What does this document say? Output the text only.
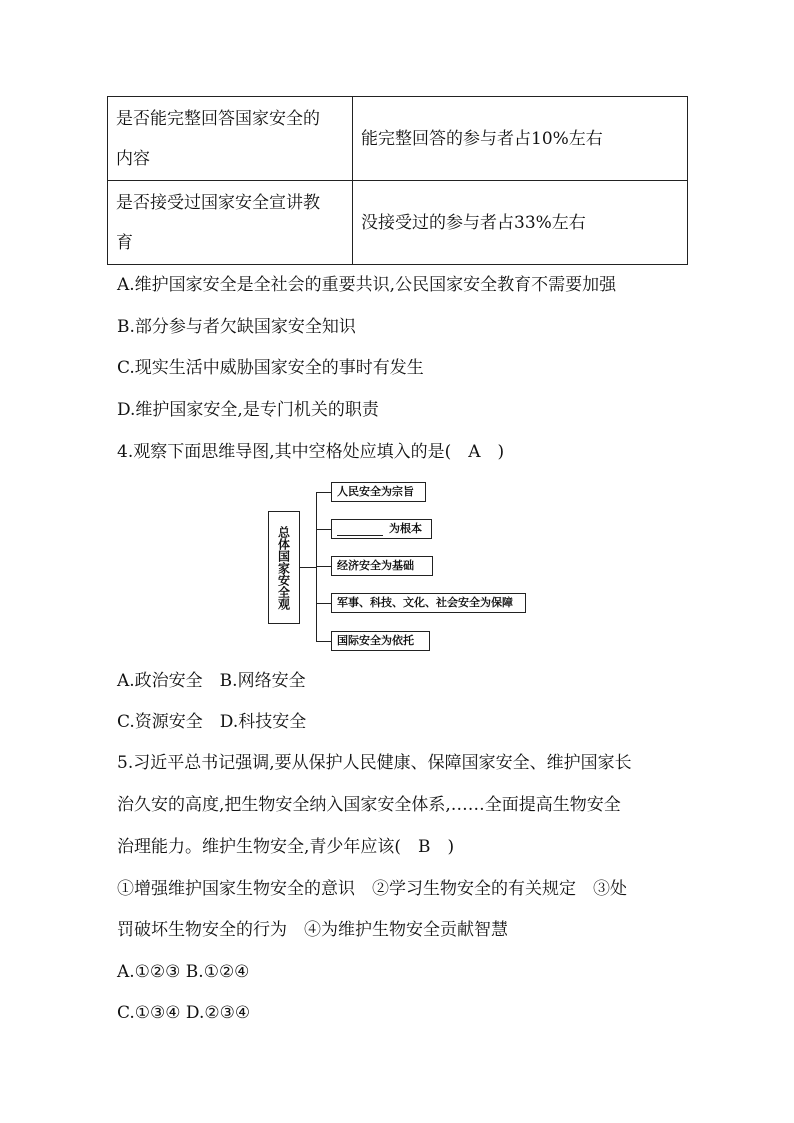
是否能完整回答国家安全的
内容	能完整回答的参与者占10%左右

是否接受过国家安全宣讲教
育	没接受过的参与者占33%左右
A.维护国家安全是全社会的重要共识,公民国家安全教育不需要加强
B.部分参与者欠缺国家安全知识
C.现实生活中威胁国家安全的事时有发生
D.维护国家安全,是专门机关的职责
4.观察下面思维导图,其中空格处应填入的是(　A　)
总体国家安全观
人民安全为宗旨
为根本
经济安全为基础
军事、科技、文化、社会安全为保障
国际安全为依托
A.政治安全　B.网络安全
C.资源安全　D.科技安全
5.习近平总书记强调,要从保护人民健康、保障国家安全、维护国家长
治久安的高度,把生物安全纳入国家安全体系,……全面提高生物安全
治理能力。维护生物安全,青少年应该(　B　)
①增强维护国家生物安全的意识　②学习生物安全的有关规定　③处
罚破坏生物安全的行为　④为维护生物安全贡献智慧
A.①②③ B.①②④
C.①③④ D.②③④
